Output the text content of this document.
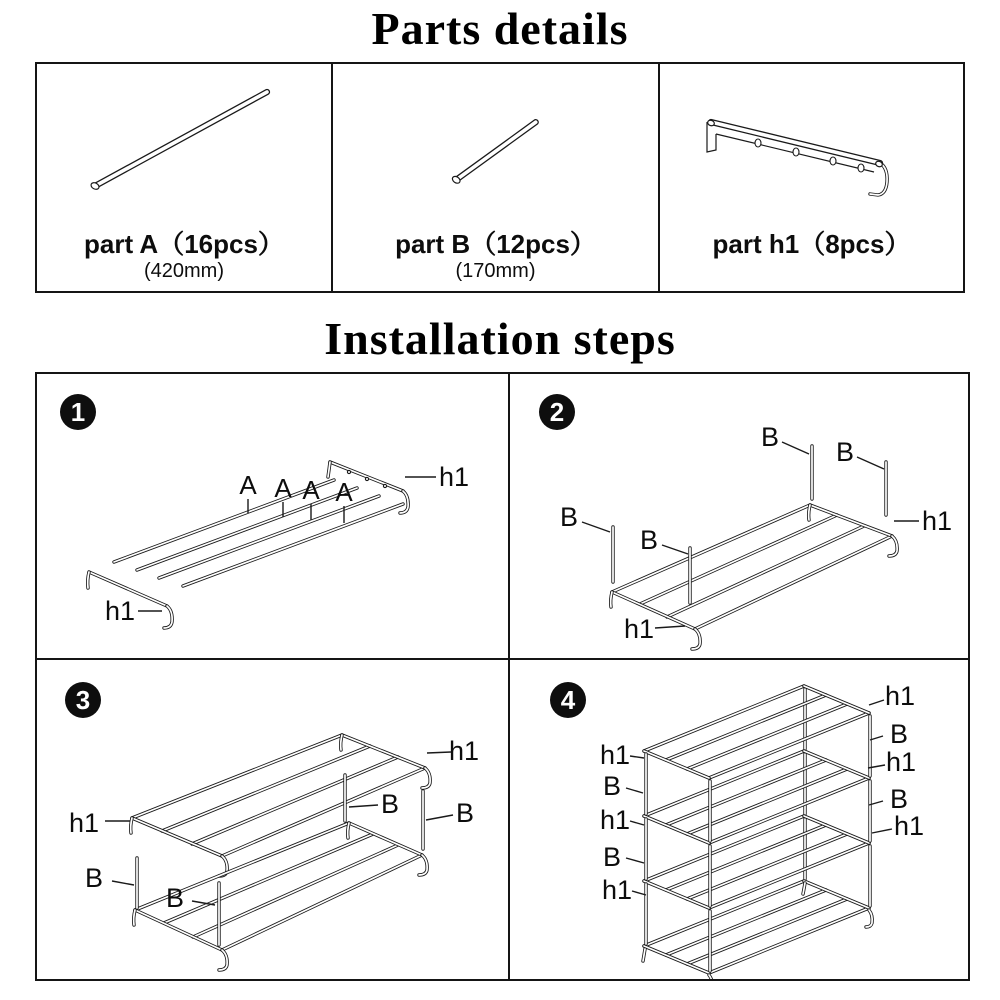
Parts details
part A（16pcs）
(420mm)
part B（12pcs）
(170mm)
part h1（8pcs）
Installation steps
1
A A A A	h1
h1
2
B B
B
B
h1
h1
3
h1
h1
B B
B
B
4
h1
B
h1
B
h1
h1
B
h1
B
h1
